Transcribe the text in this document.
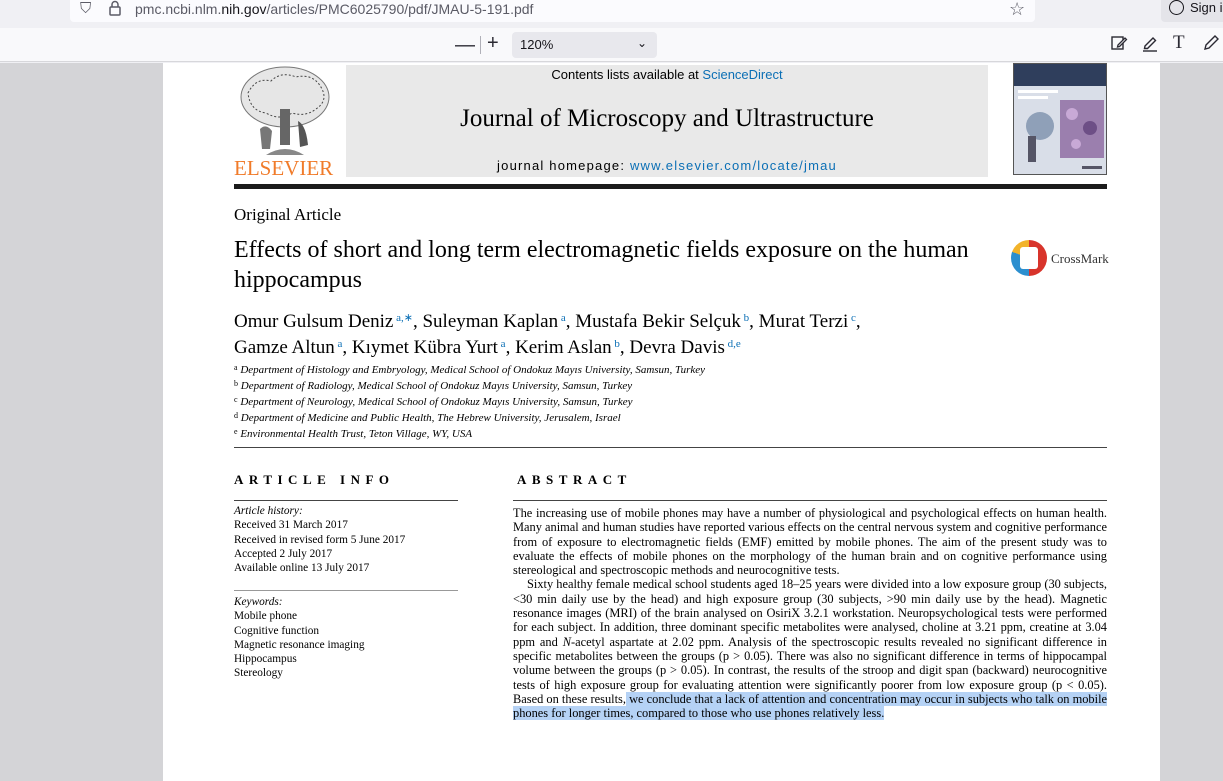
⛉	pmc.ncbi.nlm.nih.gov/articles/PMC6025790/pdf/JMAU-5-191.pdf	☆	Sign i
— +	120%	⌄	T
ELSEVIER
Contents lists available at ScienceDirect
Journal of Microscopy and Ultrastructure
journal homepage: www.elsevier.com/locate/jmau
Original Article
Effects of short and long term electromagnetic fields exposure on the human hippocampus
CrossMark
Omur Gulsum Deniz $^{a,∗}$, Suleyman Kaplan $^a$, Mustafa Bekir Selçuk $^b$, Murat Terzi $^c$,
Gamze Altun $^a$, Kıymet Kübra Yurt $^a$, Kerim Aslan $^b$, Devra Davis $^{d,e}$
$^a$ Department of Histology and Embryology, Medical School of Ondokuz Mayıs University, Samsun, Turkey
$^b$ Department of Radiology, Medical School of Ondokuz Mayıs University, Samsun, Turkey
$^c$ Department of Neurology, Medical School of Ondokuz Mayıs University, Samsun, Turkey
$^d$ Department of Medicine and Public Health, The Hebrew University, Jerusalem, Israel
$^e$ Environmental Health Trust, Teton Village, WY, USA
ARTICLE INFO	ABSTRACT
Article history:
Received 31 March 2017
Received in revised form 5 June 2017
Accepted 2 July 2017
Available online 13 July 2017
Keywords:
Mobile phone
Cognitive function
Magnetic resonance imaging
Hippocampus
Stereology

The increasing use of mobile phones may have a number of physiological and psychological effects on human health. Many animal and human studies have reported various effects on the central nervous system and cognitive performance from of exposure to electromagnetic fields (EMF) emitted by mobile phones. The aim of the present study was to evaluate the effects of mobile phones on the morphology of the human brain and on cognitive performance using stereological and spectroscopic methods and neurocognitive tests.

Sixty healthy female medical school students aged 18–25 years were divided into a low exposure group (30 subjects, <30 min daily use by the head) and high exposure group (30 subjects, >90 min daily use by the head). Magnetic resonance images (MRI) of the brain analysed on OsiriX 3.2.1 workstation. Neuropsychological tests were performed for each subject. In addition, three dominant specific metabolites were analysed, choline at 3.21 ppm, creatine at 3.04 ppm and N-acetyl aspartate at 2.02 ppm. Analysis of the spectroscopic results revealed no significant difference in specific metabolites between the groups (p > 0.05). There was also no significant difference in terms of hippocampal volume between the groups (p > 0.05). In contrast, the results of the stroop and digit span (backward) neurocognitive tests of high exposure group for evaluating attention were significantly poorer from low exposure group (p < 0.05). Based on these results, we conclude that a lack of attention and concentration may occur in subjects who talk on mobile phones for longer times, compared to those who use phones relatively less.
